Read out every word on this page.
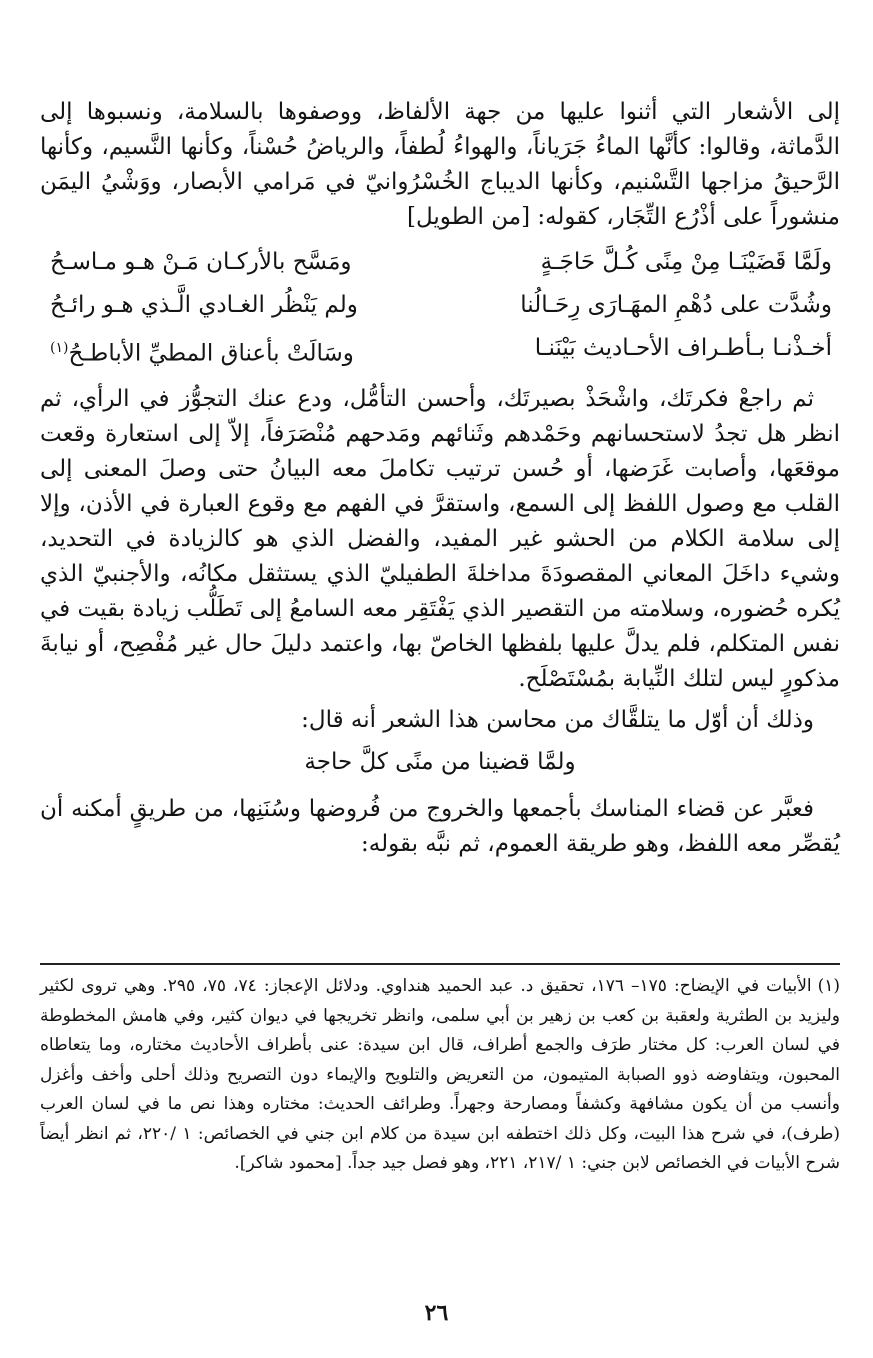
إلى الأشعار التي أثنوا عليها من جهة الألفاظ، ووصفوها بالسلامة، ونسبوها إلى الدَّماثة، وقالوا: كأنَّها الماءُ جَرَياناً، والهواءُ لُطفاً، والرياضُ حُسْناً، وكأنها النَّسيم، وكأنها الرَّحيقُ مزاجها التَّسْنيم، وكأنها الديباج الخُسْرُوانيّ في مَرامي الأبصار، ووَشْيُ اليمَن منشوراً على أذْرُع التِّجَار، كقوله: [من الطويل]

ولَمَّا قَضَيْنَـا مِنْ مِنًى كُـلَّ حَاجَـةٍ
ومَسَّح بالأركـان مَـنْ هـو مـاسـحُ
وشُدَّت على دُهْمِ المهَـارَى رِحَـالُنا
ولم يَنْظُر الغـادي الَّـذي هـو رائـحُ
أخـذْنـا بـأطـراف الأحـاديث بَيْنَنـا
وسَالَتْ بأعناق المطيِّ الأباطـحُ$^{(١)}$

ثم راجعْ فكرتَك، واشْحَذْ بصيرتَك، وأحسن التأمُّل، ودع عنك التجوُّز في الرأي، ثم انظر هل تجدُ لاستحسانهم وحَمْدهم وثَنائهم ومَدحهم مُنْصَرَفاً، إلاّ إلى استعارة وقعت موقعَها، وأصابت غَرَضها، أو حُسن ترتيب تكاملَ معه البيانُ حتى وصلَ المعنى إلى القلب مع وصول اللفظ إلى السمع، واستقرَّ في الفهم مع وقوع العبارة في الأذن، وإلا إلى سلامة الكلام من الحشو غير المفيد، والفضل الذي هو كالزيادة في التحديد، وشيء داخَلَ المعاني المقصودَةَ مداخلةَ الطفيليّ الذي يستثقل مكانُه، والأجنبيّ الذي يُكره حُضوره، وسلامته من التقصير الذي يَفْتَقِر معه السامعُ إلى تَطَلُّب زيادة بقيت في نفس المتكلم، فلم يدلَّ عليها بلفظها الخاصّ بها، واعتمد دليلَ حال غير مُفْصِح، أو نيابةَ مذكورٍ ليس لتلك النِّيابة بمُسْتَصْلَح.

وذلك أن أوّل ما يتلقَّاك من محاسن هذا الشعر أنه قال:

ولمَّا قضينا من منًى كلَّ حاجة

فعبَّر عن قضاء المناسك بأجمعها والخروج من فُروضها وسُنَنِها، من طريقٍ أمكنه أن يُقصِّر معه اللفظ، وهو طريقة العموم، ثم نبَّه بقوله:

(١)الأبيات في الإيضاح: ١٧٥– ١٧٦، تحقيق د. عبد الحميد هنداوي. ودلائل الإعجاز: ٧٤، ٧٥، ٢٩٥. وهي تروى لكثير وليزيد بن الطثرية ولعقبة بن كعب بن زهير بن أبي سلمى، وانظر تخريجها في ديوان كثير، وفي هامش المخطوطة في لسان العرب: كل مختار طرَف والجمع أطراف، قال ابن سيدة: عنى بأطراف الأحاديث مختاره، وما يتعاطاه المحبون، ويتفاوضه ذوو الصبابة المتيمون، من التعريض والتلويح والإيماء دون التصريح وذلك أحلى وأخف وأغزل وأنسب من أن يكون مشافهة وكشفاً ومصارحة وجهراً. وطرائف الحديث: مختاره وهذا نص ما في لسان العرب (طرف)، في شرح هذا البيت، وكل ذلك اختطفه ابن سيدة من كلام ابن جني في الخصائص: ١ /٢٢٠، ثم انظر أيضاً شرح الأبيات في الخصائص لابن جني: ١ /٢١٧، ٢٢١، وهو فصل جيد جداً. [محمود شاكر].
٢٦
